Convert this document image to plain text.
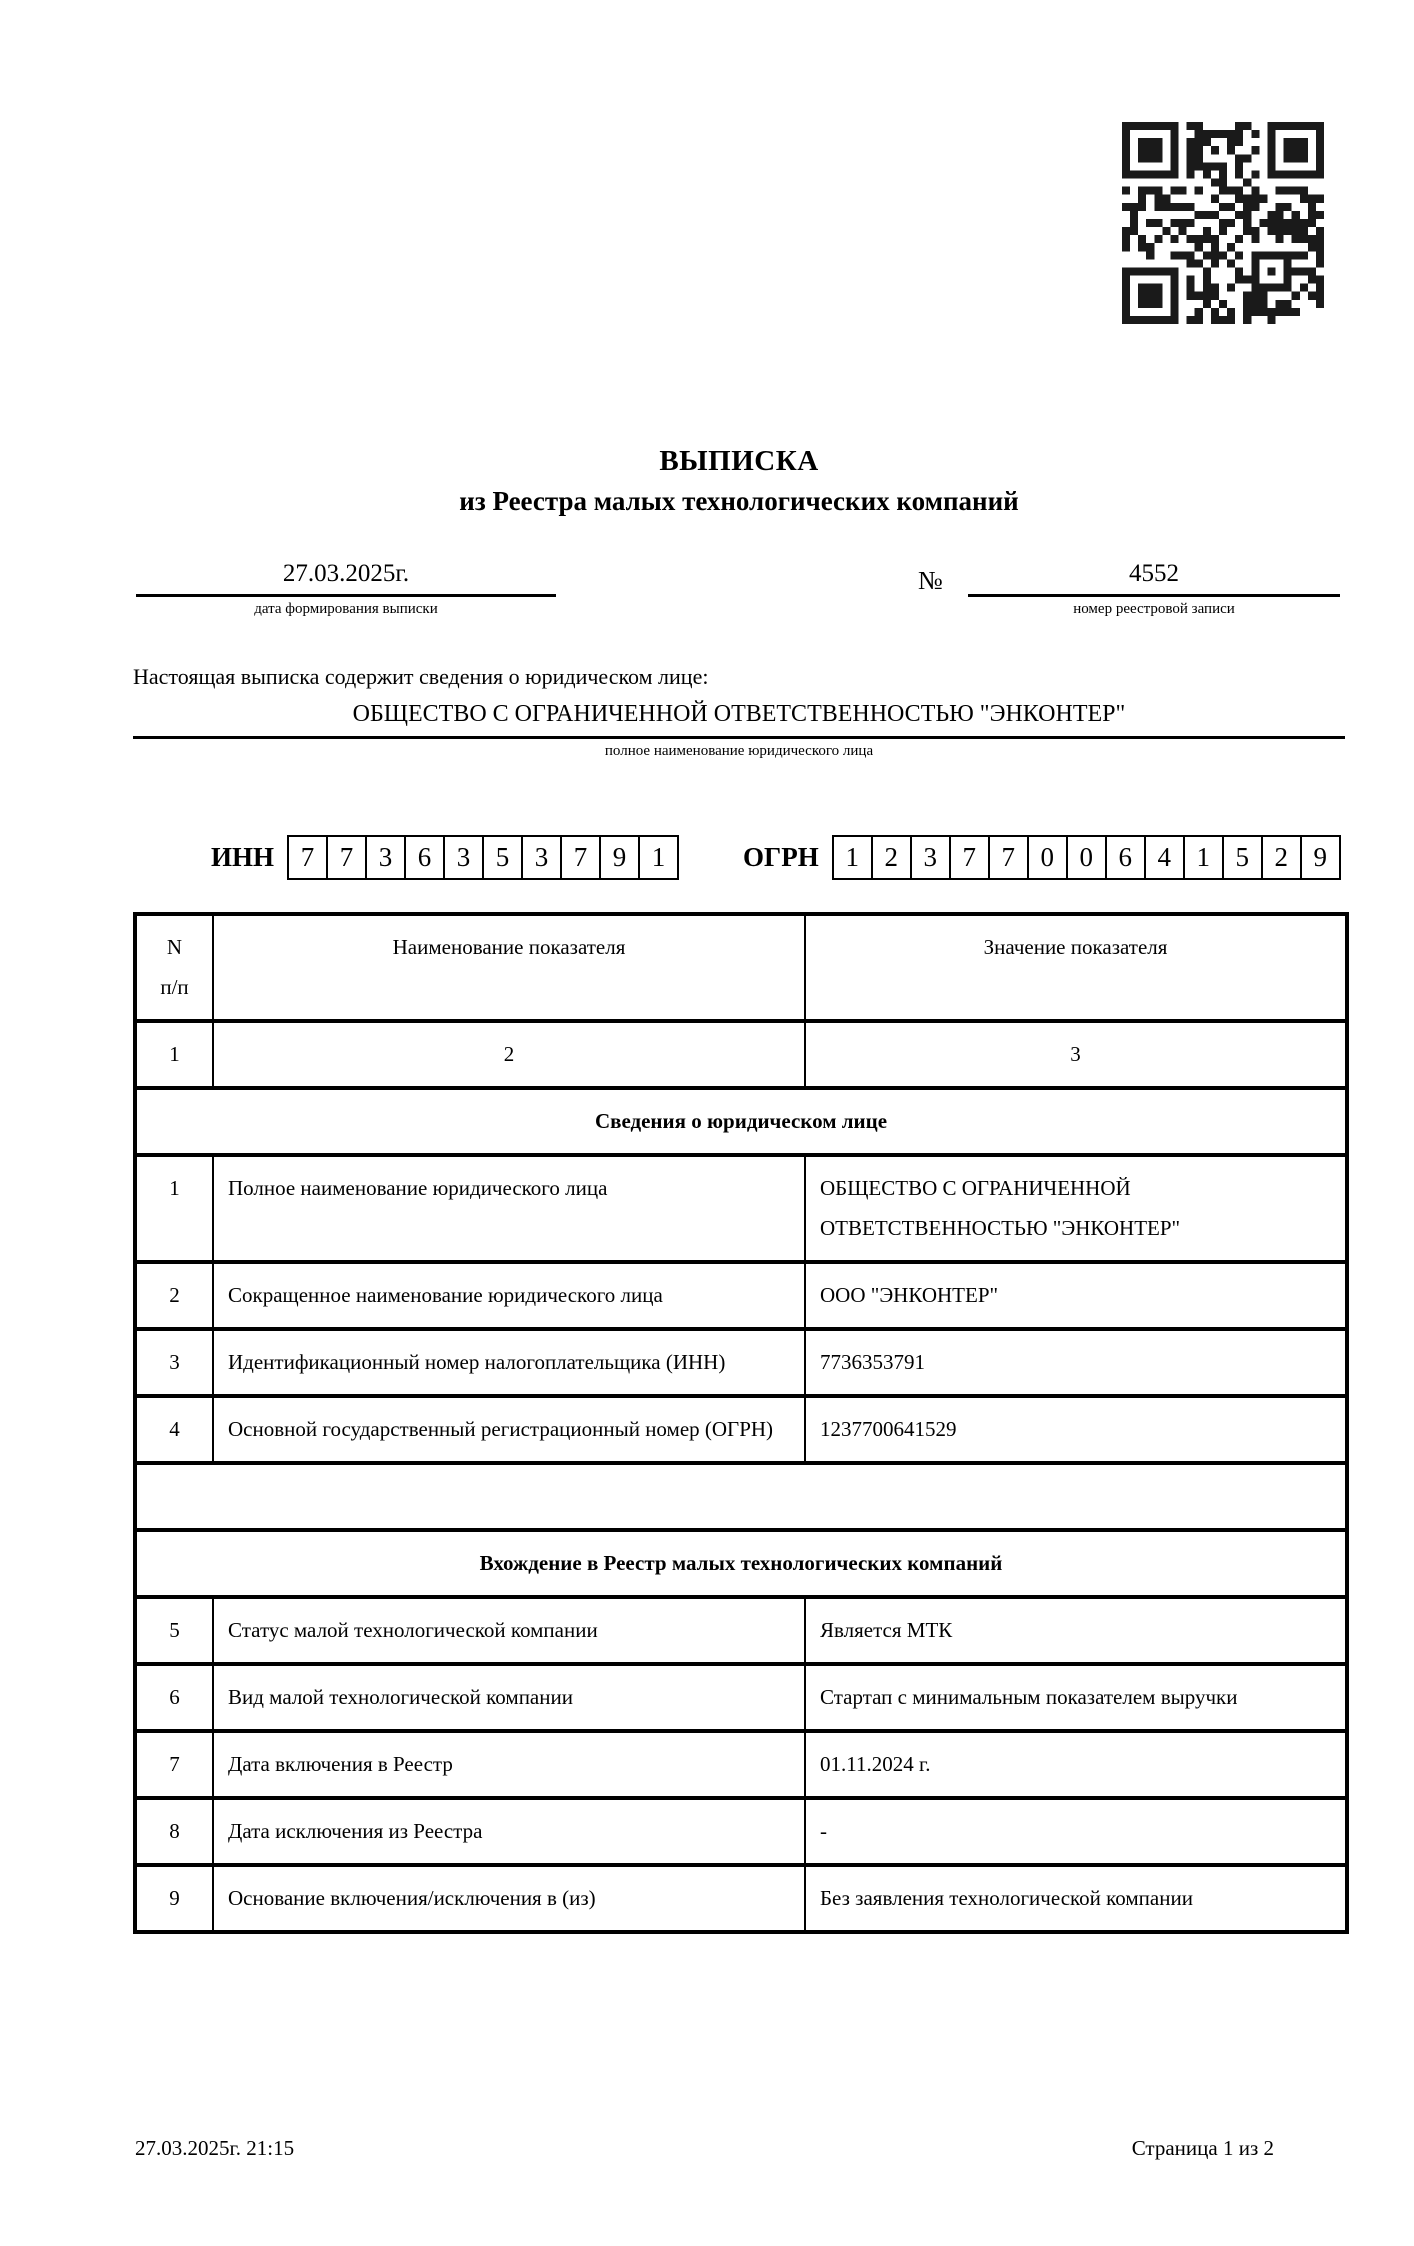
ВЫПИСКА
из Реестра малых технологических компаний
27.03.2025г.
дата формирования выписки
№	4552
номер реестровой записи
Настоящая выписка содержит сведения о юридическом лице:
ОБЩЕСТВО С ОГРАНИЧЕННОЙ ОТВЕТСТВЕННОСТЬЮ "ЭНКОНТЕР"
полное наименование юридического лица
ИНН 7 7 3 6 3 5 3 7 9 1	ОГРН 1 2 3 7 7 0 0 6 4 1 5 2 9
N
п/п	Наименование показателя	Значение показателя
1	2	3
Сведения о юридическом лице		
1	Полное наименование юридического лица	ОБЩЕСТВО С ОГРАНИЧЕННОЙ ОТВЕТСТВЕННОСТЬЮ "ЭНКОНТЕР"
2	Сокращенное наименование юридического лица	ООО "ЭНКОНТЕР"
3	Идентификационный номер налогоплательщика (ИНН)	7736353791
4	Основной государственный регистрационный номер (ОГРН)	1237700641529

Вхождение в Реестр малых технологических компаний		
5	Статус малой технологической компании	Является МТК
6	Вид малой технологической компании	Стартап с минимальным показателем выручки
7	Дата включения в Реестр	01.11.2024 г.
8	Дата исключения из Реестра	-
9	Основание включения/исключения в (из)	Без заявления технологической компании
27.03.2025г. 21:15	Страница 1 из 2
